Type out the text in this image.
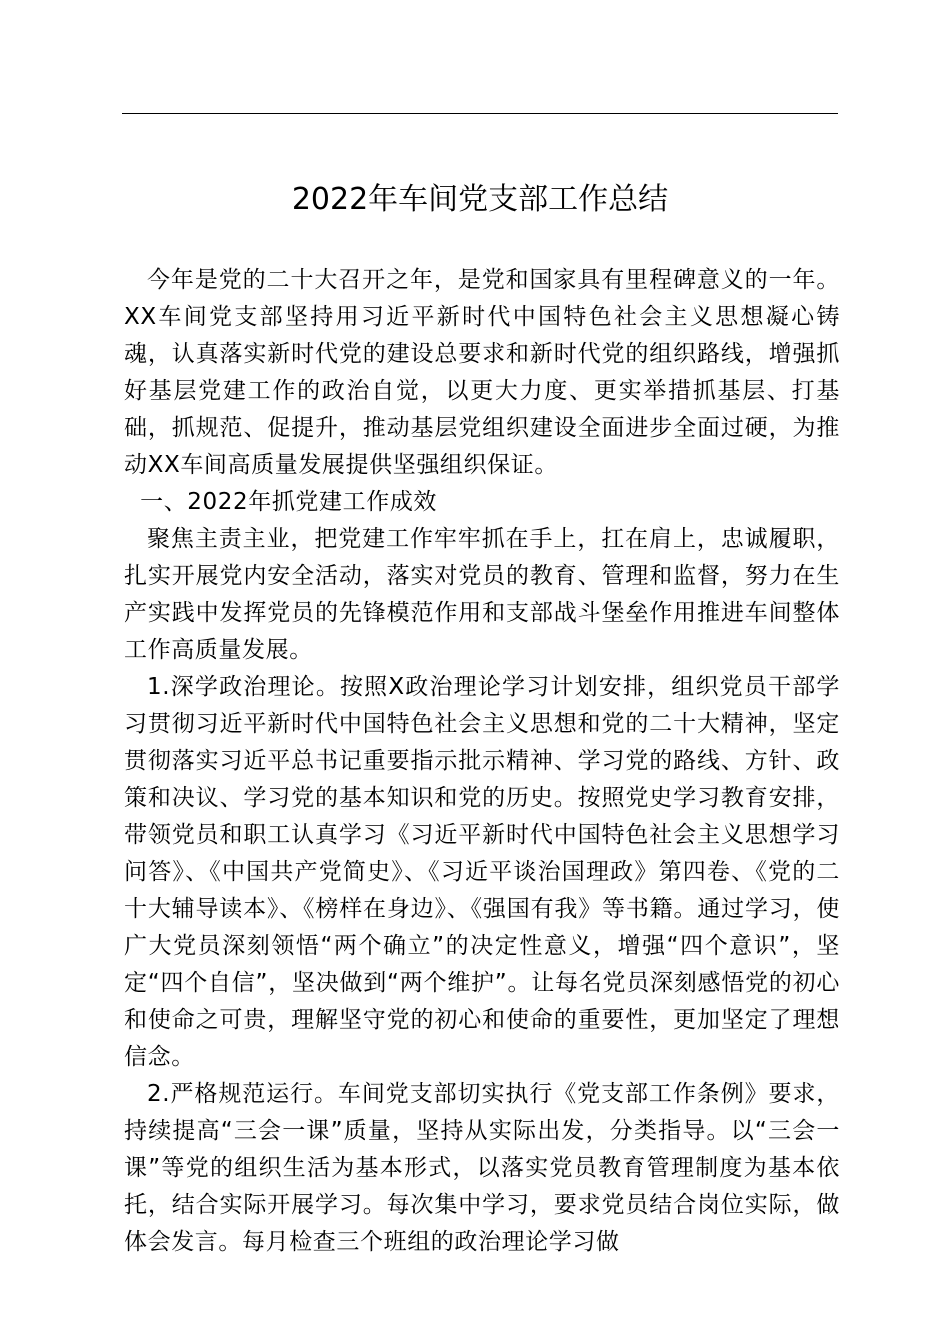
2022年车间党支部工作总结

今年是党的二十大召开之年，是党和国家具有里程碑意义的一年。XX车间党支部坚持用习近平新时代中国特色社会主义思想凝心铸魂，认真落实新时代党的建设总要求和新时代党的组织路线，增强抓好基层党建工作的政治自觉，以更大力度、更实举措抓基层、打基础，抓规范、促提升，推动基层党组织建设全面进步全面过硬，为推动XX车间高质量发展提供坚强组织保证。

一、2022年抓党建工作成效

聚焦主责主业，把党建工作牢牢抓在手上，扛在肩上，忠诚履职，扎实开展党内安全活动，落实对党员的教育、管理和监督，努力在生产实践中发挥党员的先锋模范作用和支部战斗堡垒作用推进车间整体工作高质量发展。

1.深学政治理论。按照X政治理论学习计划安排，组织党员干部学习贯彻习近平新时代中国特色社会主义思想和党的二十大精神，坚定贯彻落实习近平总书记重要指示批示精神、学习党的路线、方针、政策和决议、学习党的基本知识和党的历史。按照党史学习教育安排，带领党员和职工认真学习《习近平新时代中国特色社会主义思想学习问答》、《中国共产党简史》、《习近平谈治国理政》第四卷、《党的二十大辅导读本》、《榜样在身边》、《强国有我》等书籍。通过学习，使广大党员深刻领悟“两个确立”的决定性意义，增强“四个意识”，坚定“四个自信”，坚决做到“两个维护”。让每名党员深刻感悟党的初心和使命之可贵，理解坚守党的初心和使命的重要性，更加坚定了理想信念。

2.严格规范运行。车间党支部切实执行《党支部工作条例》要求，持续提高“三会一课”质量，坚持从实际出发，分类指导。以“三会一课”等党的组织生活为基本形式，以落实党员教育管理制度为基本依托，结合实际开展学习。每次集中学习，要求党员结合岗位实际，做体会发言。每月检查三个班组的政治理论学习做
